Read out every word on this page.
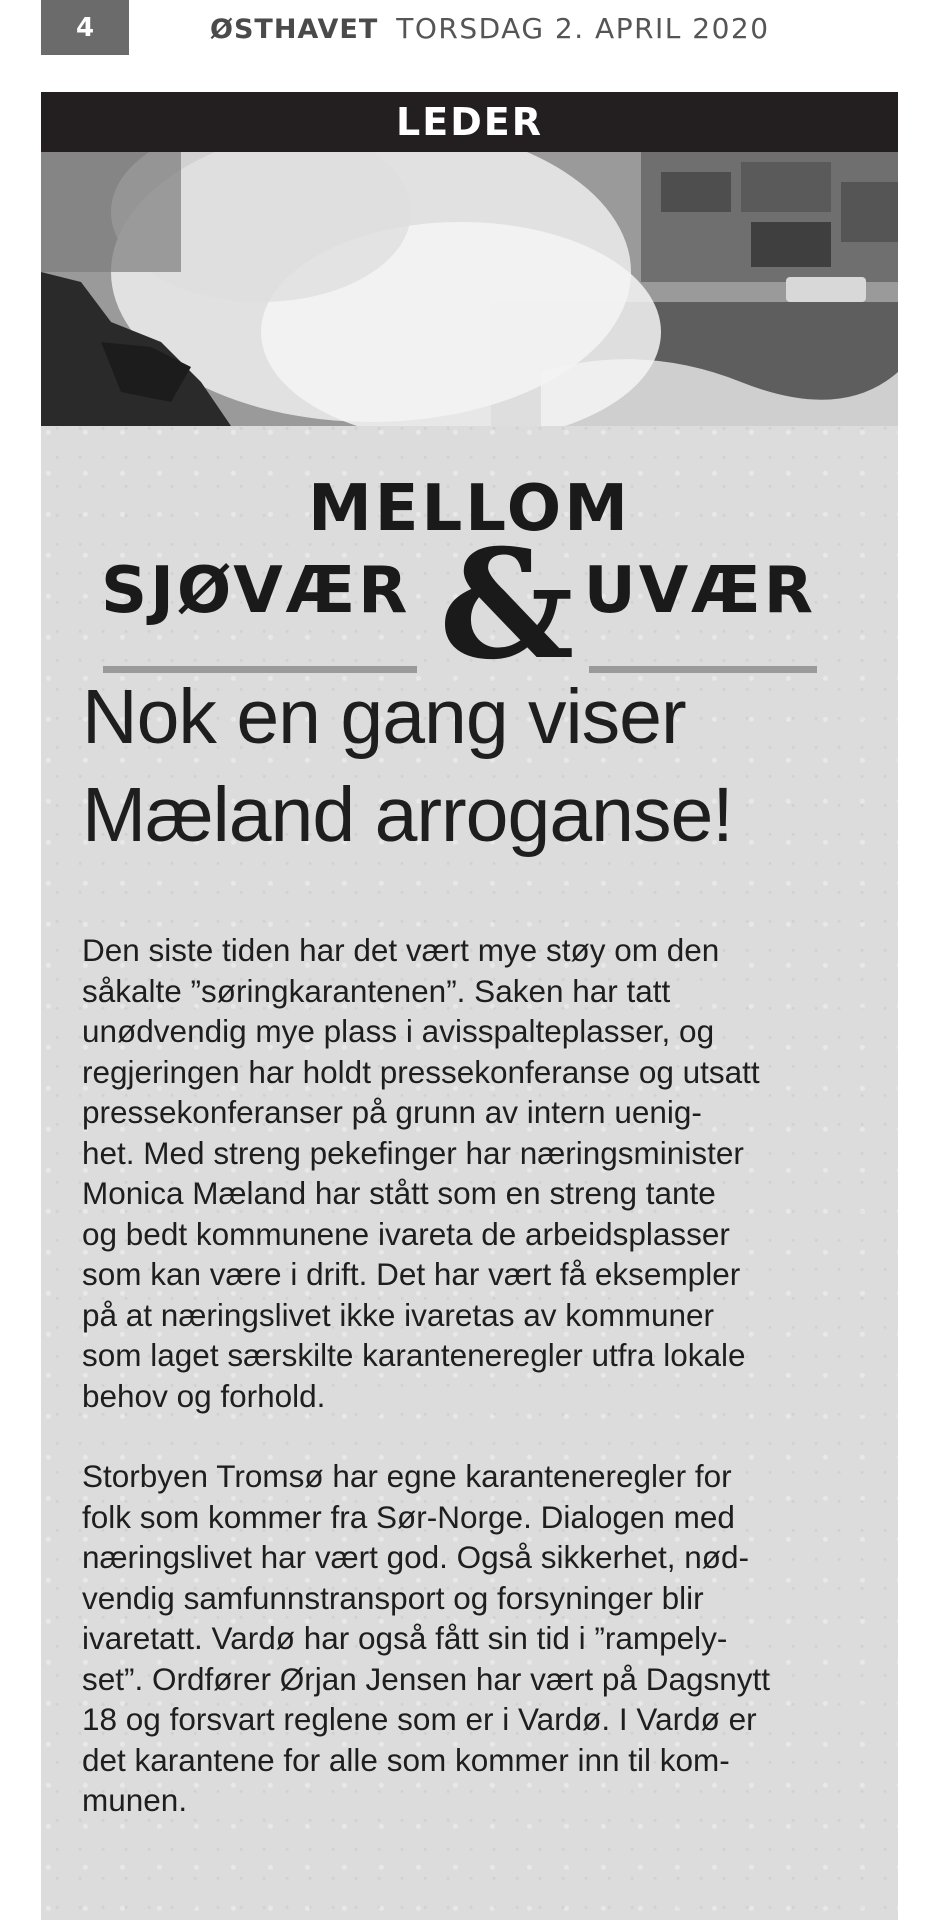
4	ØSTHAVET TORSDAG 2. APRIL 2020
LEDER
MELLOM
SJØVÆR & UVÆR
Nok en gang viser Mæland arroganse!

Den siste tiden har det vært mye støy om den
såkalte ”søringkarantenen”. Saken har tatt
unødvendig mye plass i avisspalteplasser, og
regjeringen har holdt pressekonferanse og utsatt
pressekonferanser på grunn av intern uenig-
het. Med streng pekefinger har næringsminister
Monica Mæland har stått som en streng tante
og bedt kommunene ivareta de arbeidsplasser
som kan være i drift. Det har vært få eksempler
på at næringslivet ikke ivaretas av kommuner
som laget særskilte karanteneregler utfra lokale
behov og forhold.

Storbyen Tromsø har egne karanteneregler for
folk som kommer fra Sør-Norge. Dialogen med
næringslivet har vært god. Også sikkerhet, nød-
vendig samfunnstransport og forsyninger blir
ivaretatt. Vardø har også fått sin tid i ”rampely-
set”. Ordfører Ørjan Jensen har vært på Dagsnytt
18 og forsvart reglene som er i Vardø. I Vardø er
det karantene for alle som kommer inn til kom-
munen.
